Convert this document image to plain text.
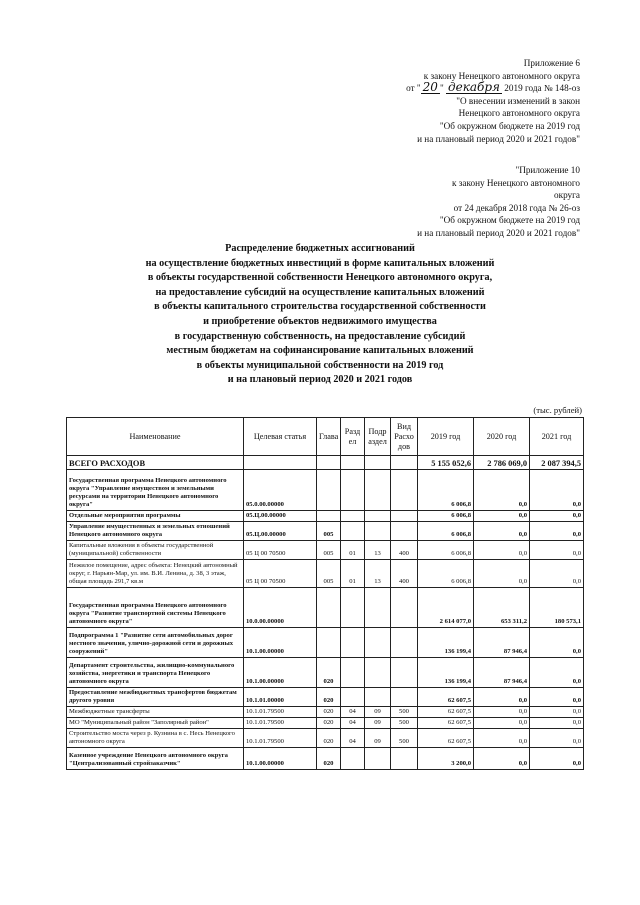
Приложение 6
к закону Ненецкого автономного округа
от " 20 " декабря 2019 года № 148-оз
"О внесении изменений в закон
Ненецкого автономного округа
"Об окружном бюджете на 2019 год
и на плановый период 2020 и 2021 годов"
"Приложение 10
к закону Ненецкого автономного
округа
от 24 декабря 2018 года № 26-оз
"Об окружном бюджете на 2019 год
и на плановый период 2020 и 2021 годов"
Распределение бюджетных ассигнований
на осуществление бюджетных инвестиций в форме капитальных вложений
в объекты государственной собственности Ненецкого автономного округа,
на предоставление субсидий на осуществление капитальных вложений
в объекты капитального строительства государственной собственности
и приобретение объектов недвижимого имущества
в государственную собственность, на предоставление субсидий
местным бюджетам на софинансирование капитальных вложений
в объекты муниципальной собственности на 2019 год
и на плановый период 2020 и 2021 годов
(тыс. рублей)
Наименование	Целевая статья	Глава	Разд ел	Подр аздел	Вид Расхо дов	2019 год	2020 год	2021 год
ВСЕГО РАСХОДОВ						5 155 052,6	2 786 069,0	2 087 394,5
Государственная программа Ненецкого автономного округа "Управление имуществом и земельными ресурсами на территории Ненецкого автономного округа"	05.0.00.00000					6 006,8	0,0	0,0
Отдельные мероприятия программы	05.Ц.00.00000					6 006,8	0,0	0,0
Управление имущественных и земельных отношений Ненецкого автономного округа	05.Ц.00.00000	005				6 006,8	0,0	0,0
Капитальные вложения в объекты государственной (муниципальной) собственности	05 Ц 00 70500	005	01	13	400	6 006,8	0,0	0,0
Нежилое помещение, адрес объекта: Ненецкий автономный округ, г. Нарьян-Мар, ул. им. В.И. Ленина, д. 38, 3 этаж, общая площадь 291,7 кв.м	05 Ц 00 70500	005	01	13	400	6 006,8	0,0	0,0
Государственная программа Ненецкого автономного округа "Развитие транспортной системы Ненецкого автономного округа"	10.0.00.00000					2 614 077,0	653 311,2	180 573,1
Подпрограмма 1 "Развитие сети автомобильных дорог местного значения, улично-дорожной сети и дорожных сооружений"	10.1.00.00000					136 199,4	87 946,4	0,0
Департамент строительства, жилищно-коммунального хозяйства, энергетики и транспорта Ненецкого автономного округа	10.1.00.00000	020				136 199,4	87 946,4	0,0
Предоставление межбюджетных трансфертов бюджетам другого уровня	10.1.01.00000	020				62 607,5	0,0	0,0
Межбюджетные трансферты	10.1.01.79500	020	04	09	500	62 607,5	0,0	0,0
МО "Муниципальный район "Заполярный район"	10.1.01.79500	020	04	09	500	62 607,5	0,0	0,0
Строительство моста через р. Кузнина в с. Несь Ненецкого автономного округа	10.1.01.79500	020	04	09	500	62 607,5	0,0	0,0
Казенное учреждение Ненецкого автономного округа "Централизованный стройзаказчик"	10.1.00.00000	020				3 200,0	0,0	0,0
